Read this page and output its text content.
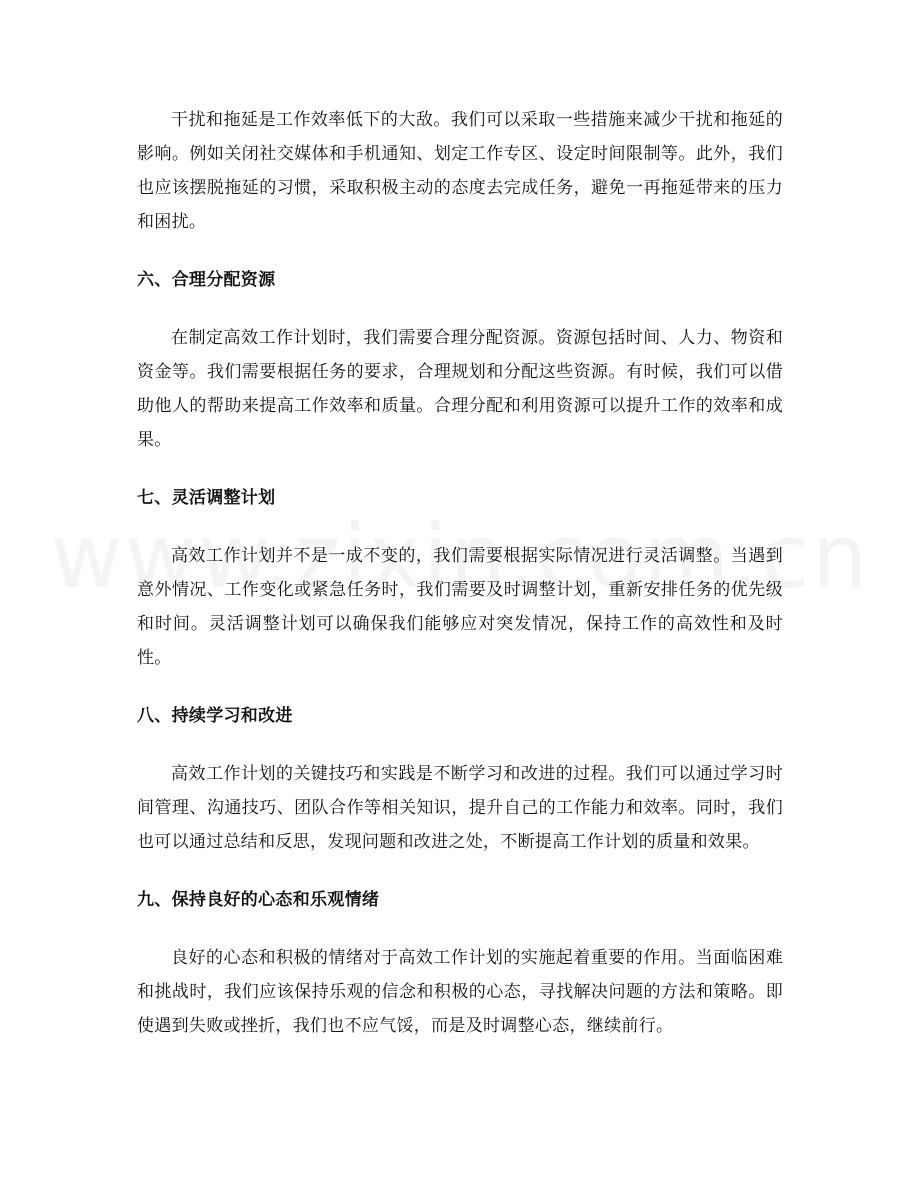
干扰和拖延是工作效率低下的大敌。我们可以采取一些措施来减少干扰和拖延的影响。例如关闭社交媒体和手机通知、划定工作专区、设定时间限制等。此外，我们也应该摆脱拖延的习惯，采取积极主动的态度去完成任务，避免一再拖延带来的压力和困扰。

六、合理分配资源

在制定高效工作计划时，我们需要合理分配资源。资源包括时间、人力、物资和资金等。我们需要根据任务的要求，合理规划和分配这些资源。有时候，我们可以借助他人的帮助来提高工作效率和质量。合理分配和利用资源可以提升工作的效率和成果。

七、灵活调整计划

高效工作计划并不是一成不变的，我们需要根据实际情况进行灵活调整。当遇到意外情况、工作变化或紧急任务时，我们需要及时调整计划，重新安排任务的优先级和时间。灵活调整计划可以确保我们能够应对突发情况，保持工作的高效性和及时性。

八、持续学习和改进

高效工作计划的关键技巧和实践是不断学习和改进的过程。我们可以通过学习时间管理、沟通技巧、团队合作等相关知识，提升自己的工作能力和效率。同时，我们也可以通过总结和反思，发现问题和改进之处，不断提高工作计划的质量和效果。

九、保持良好的心态和乐观情绪

良好的心态和积极的情绪对于高效工作计划的实施起着重要的作用。当面临困难和挑战时，我们应该保持乐观的信念和积极的心态，寻找解决问题的方法和策略。即使遇到失败或挫折，我们也不应气馁，而是及时调整心态，继续前行。
